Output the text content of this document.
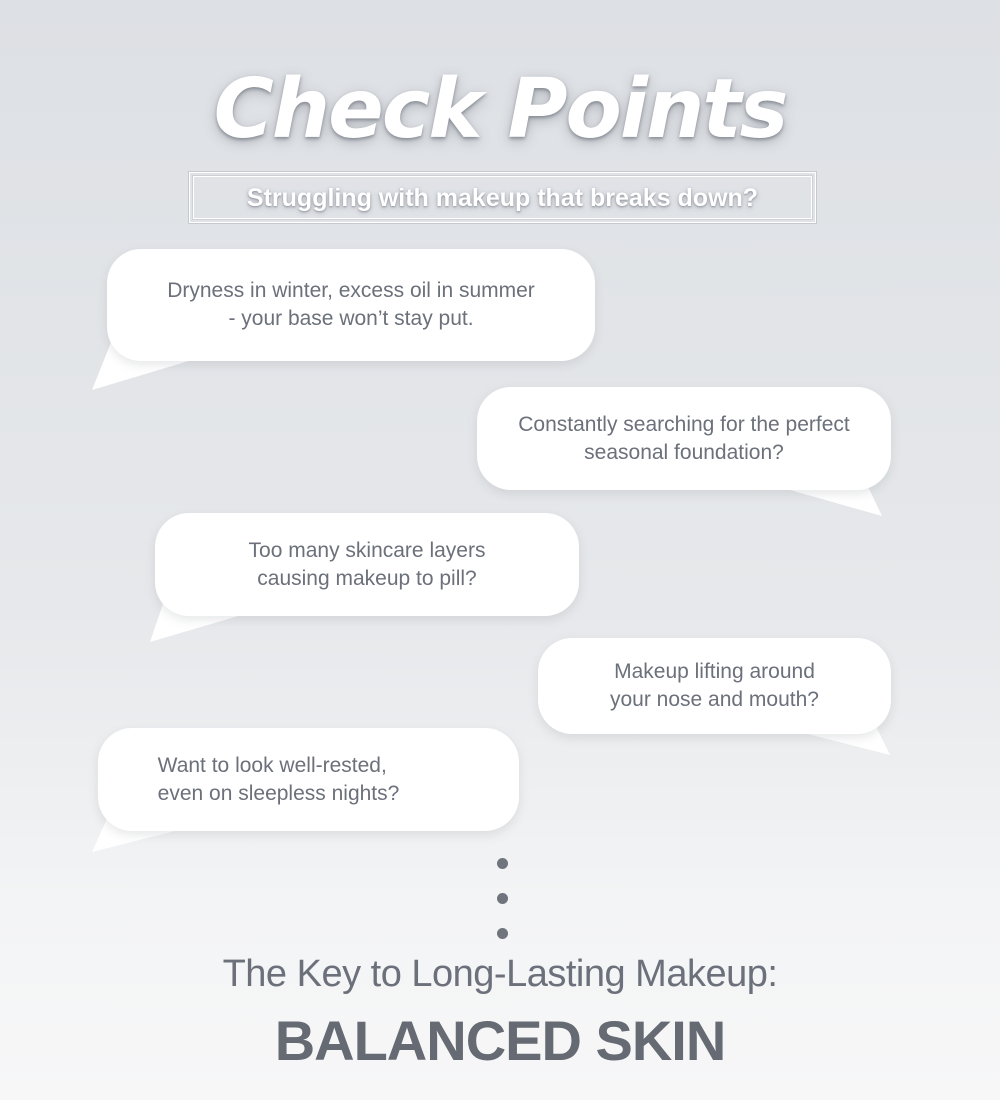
Check Points
Struggling with makeup that breaks down?
Dryness in winter, excess oil in summer
- your base won’t stay put.
Constantly searching for the perfect
seasonal foundation?
Too many skincare layers
causing makeup to pill?
Makeup lifting around
your nose and mouth?
Want to look well-rested,
even on sleepless nights?
The Key to Long-Lasting Makeup:
BALANCED SKIN
